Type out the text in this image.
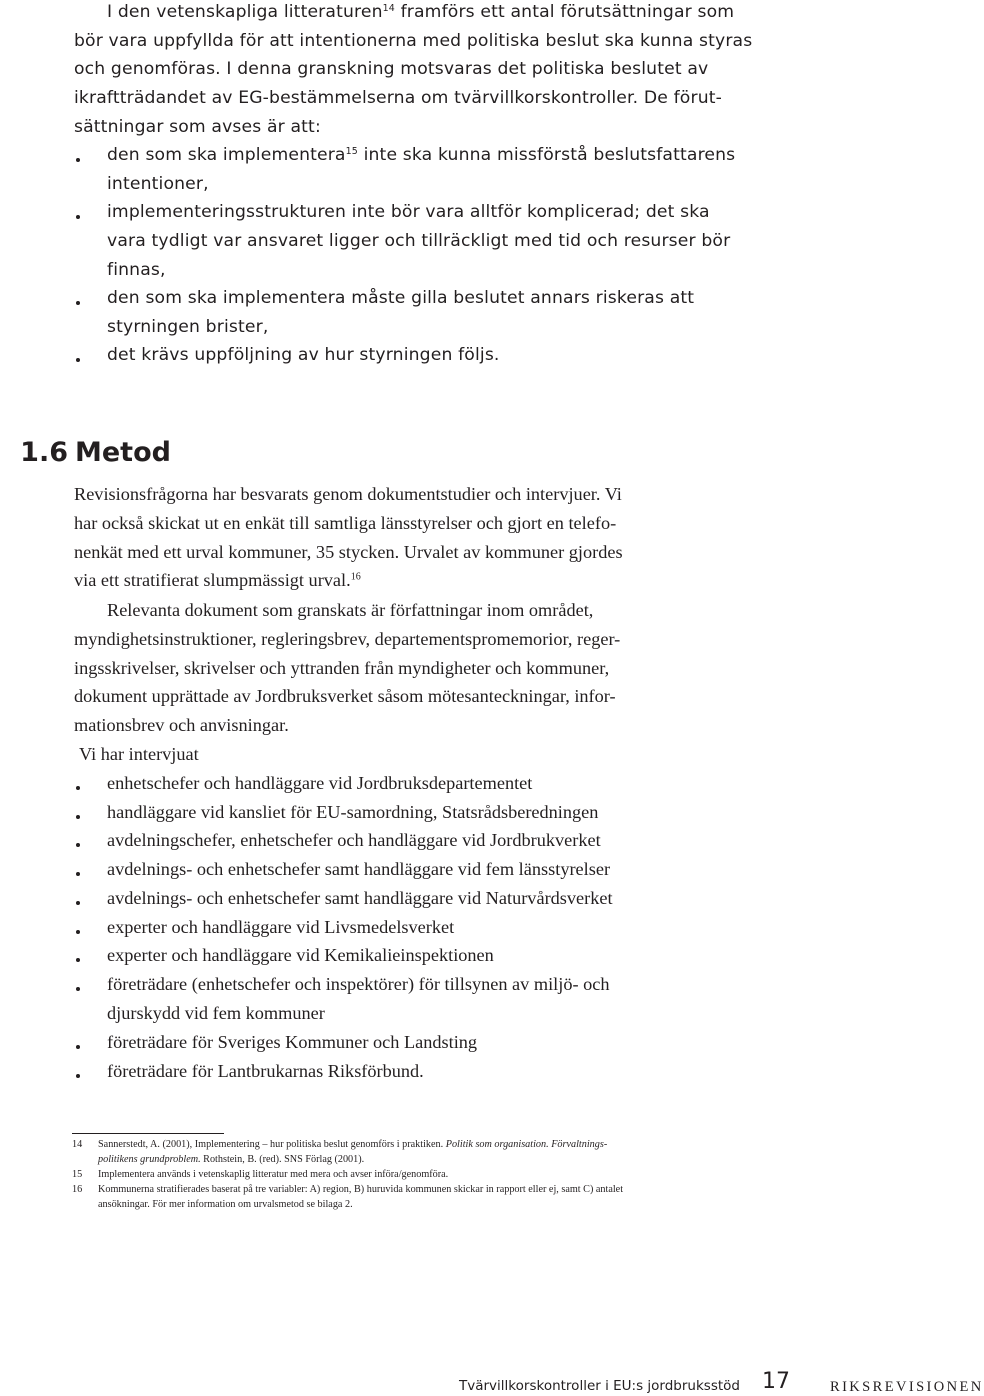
I den vetenskapliga litteraturen$^{14}$ framförs ett antal förutsättningar som

bör vara uppfyllda för att intentionerna med politiska beslut ska kunna styras

och genomföras. I denna granskning motsvaras det politiska beslutet av

ikraftträdandet av EG-bestämmelserna om tvärvillkorskontroller. De förut-

sättningar som avses är att:

den som ska implementera$^{15}$ inte ska kunna missförstå beslutsfattarens

intentioner,

implementeringsstrukturen inte bör vara alltför komplicerad; det ska

vara tydligt var ansvaret ligger och tillräckligt med tid och resurser bör

finnas,

den som ska implementera måste gilla beslutet annars riskeras att

styrningen brister,

det krävs uppföljning av hur styrningen följs.

1.6 Metod

Revisionsfrågorna har besvarats genom dokumentstudier och intervjuer. Vi

har också skickat ut en enkät till samtliga länsstyrelser och gjort en telefo-

nenkät med ett urval kommuner, 35 stycken. Urvalet av kommuner gjordes

via ett stratifierat slumpmässigt urval.$^{16}$

Relevanta dokument som granskats är författningar inom området,

myndighetsinstruktioner, regleringsbrev, departementspromemorior, reger-

ingsskrivelser, skrivelser och yttranden från myndigheter och kommuner,

dokument upprättade av Jordbruksverket såsom mötesanteckningar, infor-

mationsbrev och anvisningar.

Vi har intervjuat

enhetschefer och handläggare vid Jordbruksdepartementet

handläggare vid kansliet för EU-samordning, Statsrådsberedningen

avdelningschefer, enhetschefer och handläggare vid Jordbrukverket

avdelnings- och enhetschefer samt handläggare vid fem länsstyrelser

avdelnings- och enhetschefer samt handläggare vid Naturvårdsverket

experter och handläggare vid Livsmedelsverket

experter och handläggare vid Kemikalieinspektionen

företrädare (enhetschefer och inspektörer) för tillsynen av miljö- och

djurskydd vid fem kommuner

företrädare för Sveriges Kommuner och Landsting

företrädare för Lantbrukarnas Riksförbund.

14 Sannerstedt, A. (2001), Implementering – hur politiska beslut genomförs i praktiken. Politik som organisation. Förvaltnings-

politikens grundproblem. Rothstein, B. (red). SNS Förlag (2001).

15 Implementera används i vetenskaplig litteratur med mera och avser införa/genomföra.

16 Kommunerna stratifierades baserat på tre variabler: A) region, B) huruvida kommunen skickar in rapport eller ej, samt C) antalet

ansökningar. För mer information om urvalsmetod se bilaga 2.

Tvärvillkorskontroller i EU:s jordbruksstöd 17	RIKSREVISIONEN
